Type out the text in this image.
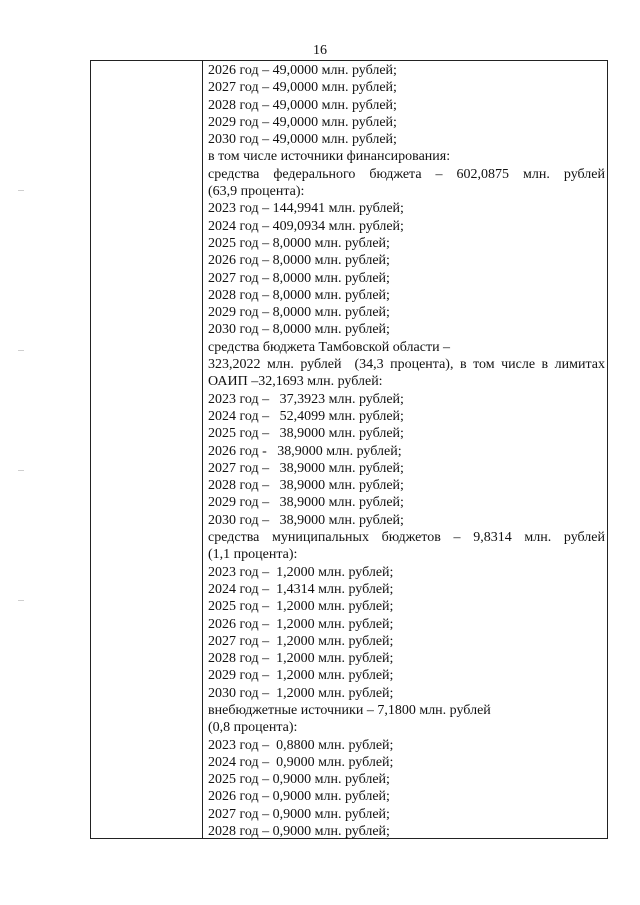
16
2026 год – 49,0000 млн. рублей;
2027 год – 49,0000 млн. рублей;
2028 год – 49,0000 млн. рублей;
2029 год – 49,0000 млн. рублей;
2030 год – 49,0000 млн. рублей;
в том числе источники финансирования:
средства федерального бюджета – 602,0875 млн. рублей
(63,9 процента):
2023 год – 144,9941 млн. рублей;
2024 год – 409,0934 млн. рублей;
2025 год – 8,0000 млн. рублей;
2026 год – 8,0000 млн. рублей;
2027 год – 8,0000 млн. рублей;
2028 год – 8,0000 млн. рублей;
2029 год – 8,0000 млн. рублей;
2030 год – 8,0000 млн. рублей;
средства бюджета Тамбовской области –
323,2022 млн. рублей  (34,3 процента), в том числе в лимитах
ОАИП –32,1693 млн. рублей:
2023 год –   37,3923 млн. рублей;
2024 год –   52,4099 млн. рублей;
2025 год –   38,9000 млн. рублей;
2026 год -   38,9000 млн. рублей;
2027 год –   38,9000 млн. рублей;
2028 год –   38,9000 млн. рублей;
2029 год –   38,9000 млн. рублей;
2030 год –   38,9000 млн. рублей;
средства муниципальных бюджетов – 9,8314 млн. рублей
(1,1 процента):
2023 год –  1,2000 млн. рублей;
2024 год –  1,4314 млн. рублей;
2025 год –  1,2000 млн. рублей;
2026 год –  1,2000 млн. рублей;
2027 год –  1,2000 млн. рублей;
2028 год –  1,2000 млн. рублей;
2029 год –  1,2000 млн. рублей;
2030 год –  1,2000 млн. рублей;
внебюджетные источники – 7,1800 млн. рублей
(0,8 процента):
2023 год –  0,8800 млн. рублей;
2024 год –  0,9000 млн. рублей;
2025 год – 0,9000 млн. рублей;
2026 год – 0,9000 млн. рублей;
2027 год – 0,9000 млн. рублей;
2028 год – 0,9000 млн. рублей;
